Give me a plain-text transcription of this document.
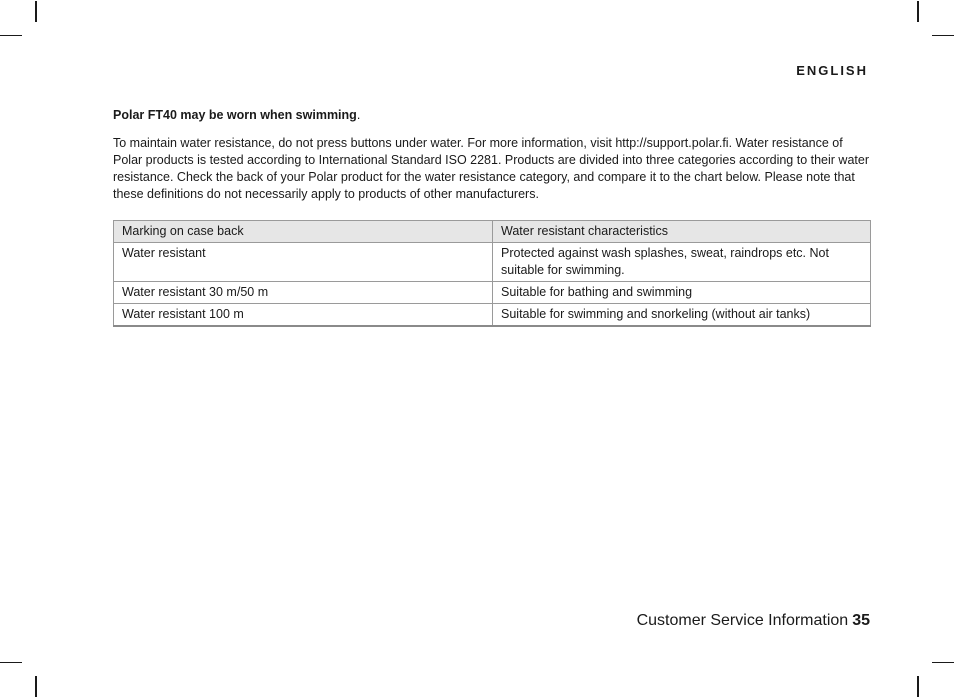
ENGLISH

Polar FT40 may be worn when swimming.

To maintain water resistance, do not press buttons under water. For more information, visit http://support.polar.fi. Water resistance of Polar products is tested according to International Standard ISO 2281. Products are divided into three categories according to their water resistance. Check the back of your Polar product for the water resistance category, and compare it to the chart below. Please note that these definitions do not necessarily apply to products of other manufacturers.

Marking on case back	Water resistant characteristics
Water resistant	Protected against wash splashes, sweat, raindrops etc. Not suitable for swimming.
Water resistant 30 m/50 m	Suitable for bathing and swimming
Water resistant 100 m	Suitable for swimming and snorkeling (without air tanks)
Customer Service Information 35
